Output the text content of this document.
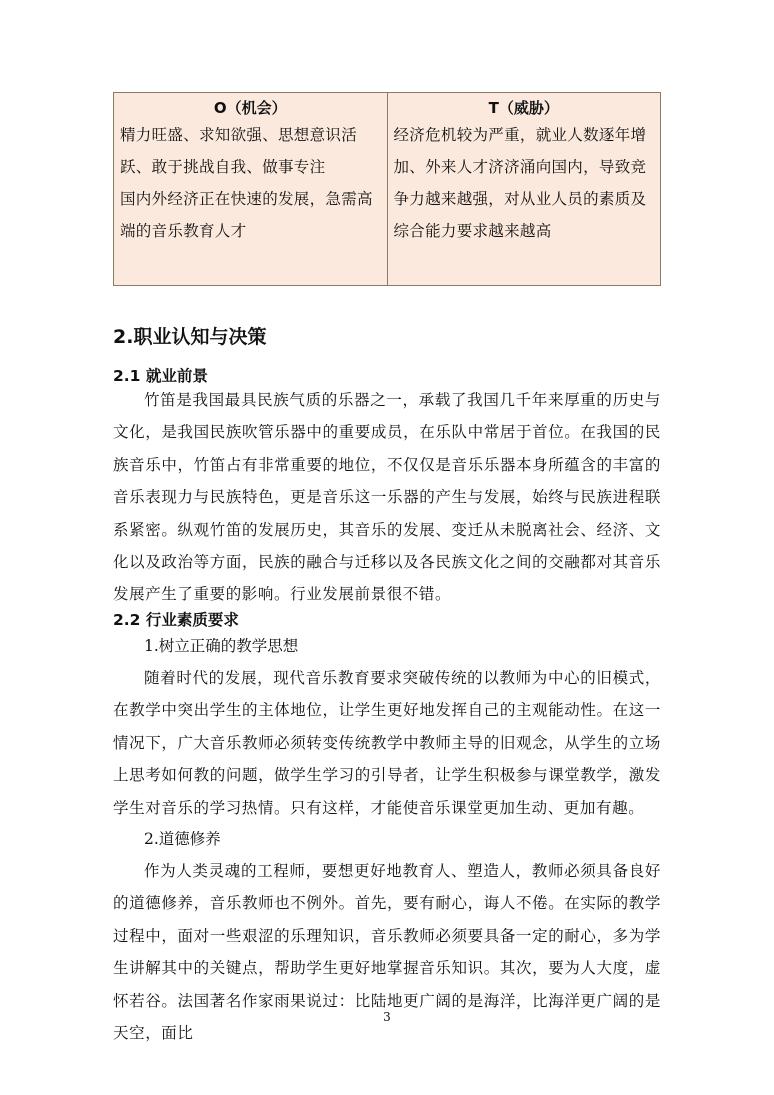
O（机会）
精力旺盛、求知欲强、思想意识活跃、敢于挑战自我、做事专注
国内外经济正在快速的发展，急需高端的音乐教育人才
T（威胁）
经济危机较为严重，就业人数逐年增加、外来人才济济涌向国内，导致竞争力越来越强，对从业人员的素质及综合能力要求越来越高
2.职业认知与决策
2.1 就业前景
竹笛是我国最具民族气质的乐器之一，承载了我国几千年来厚重的历史与文化，是我国民族吹管乐器中的重要成员，在乐队中常居于首位。在我国的民族音乐中，竹笛占有非常重要的地位，不仅仅是音乐乐器本身所蕴含的丰富的音乐表现力与民族特色，更是音乐这一乐器的产生与发展，始终与民族进程联系紧密。纵观竹笛的发展历史，其音乐的发展、变迁从未脱离社会、经济、文化以及政治等方面，民族的融合与迁移以及各民族文化之间的交融都对其音乐发展产生了重要的影响。行业发展前景很不错。
2.2 行业素质要求
1.树立正确的教学思想
随着时代的发展，现代音乐教育要求突破传统的以教师为中心的旧模式，在教学中突出学生的主体地位，让学生更好地发挥自己的主观能动性。在这一情况下，广大音乐教师必须转变传统教学中教师主导的旧观念，从学生的立场上思考如何教的问题，做学生学习的引导者，让学生积极参与课堂教学，激发学生对音乐的学习热情。只有这样，才能使音乐课堂更加生动、更加有趣。
2.道德修养
作为人类灵魂的工程师，要想更好地教育人、塑造人，教师必须具备良好的道德修养，音乐教师也不例外。首先，要有耐心，诲人不倦。在实际的教学过程中，面对一些艰涩的乐理知识，音乐教师必须要具备一定的耐心，多为学生讲解其中的关键点，帮助学生更好地掌握音乐知识。其次，要为人大度，虚怀若谷。法国著名作家雨果说过：比陆地更广阔的是海洋，比海洋更广阔的是天空，面比
3
